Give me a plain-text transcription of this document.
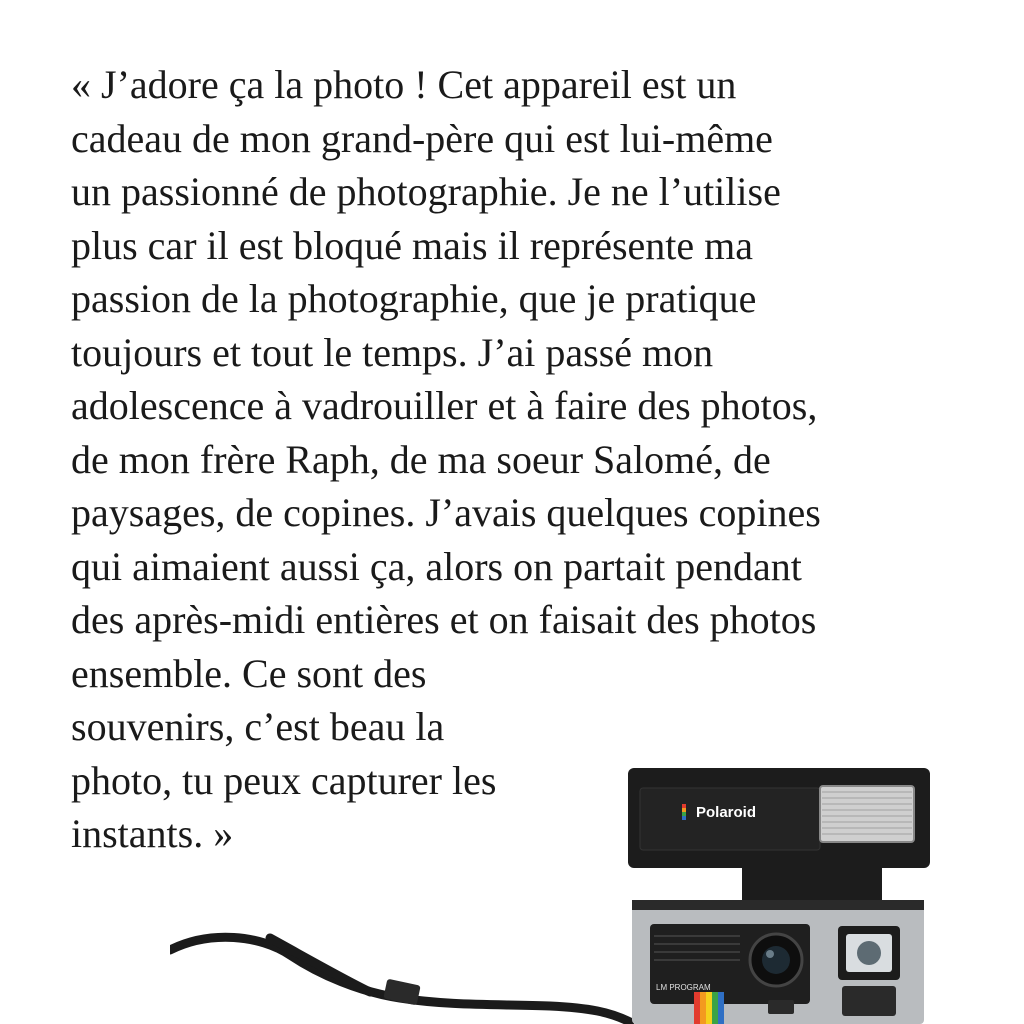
« J’adore ça la photo ! Cet appareil est un
cadeau de mon grand-père qui est lui-même
un passionné de photographie. Je ne l’utilise
plus car il est bloqué mais il représente ma
passion de la photographie, que je pratique
toujours et tout le temps. J’ai passé mon
adolescence à vadrouiller et à faire des photos,
de mon frère Raph, de ma soeur Salomé, de
paysages, de copines. J’avais quelques copines
qui aimaient aussi ça, alors on partait pendant
des après-midi entières et on faisait des photos
ensemble. Ce sont des
souvenirs, c’est beau la
photo, tu peux capturer les
instants. »	Polaroid
LM PROGRAM
